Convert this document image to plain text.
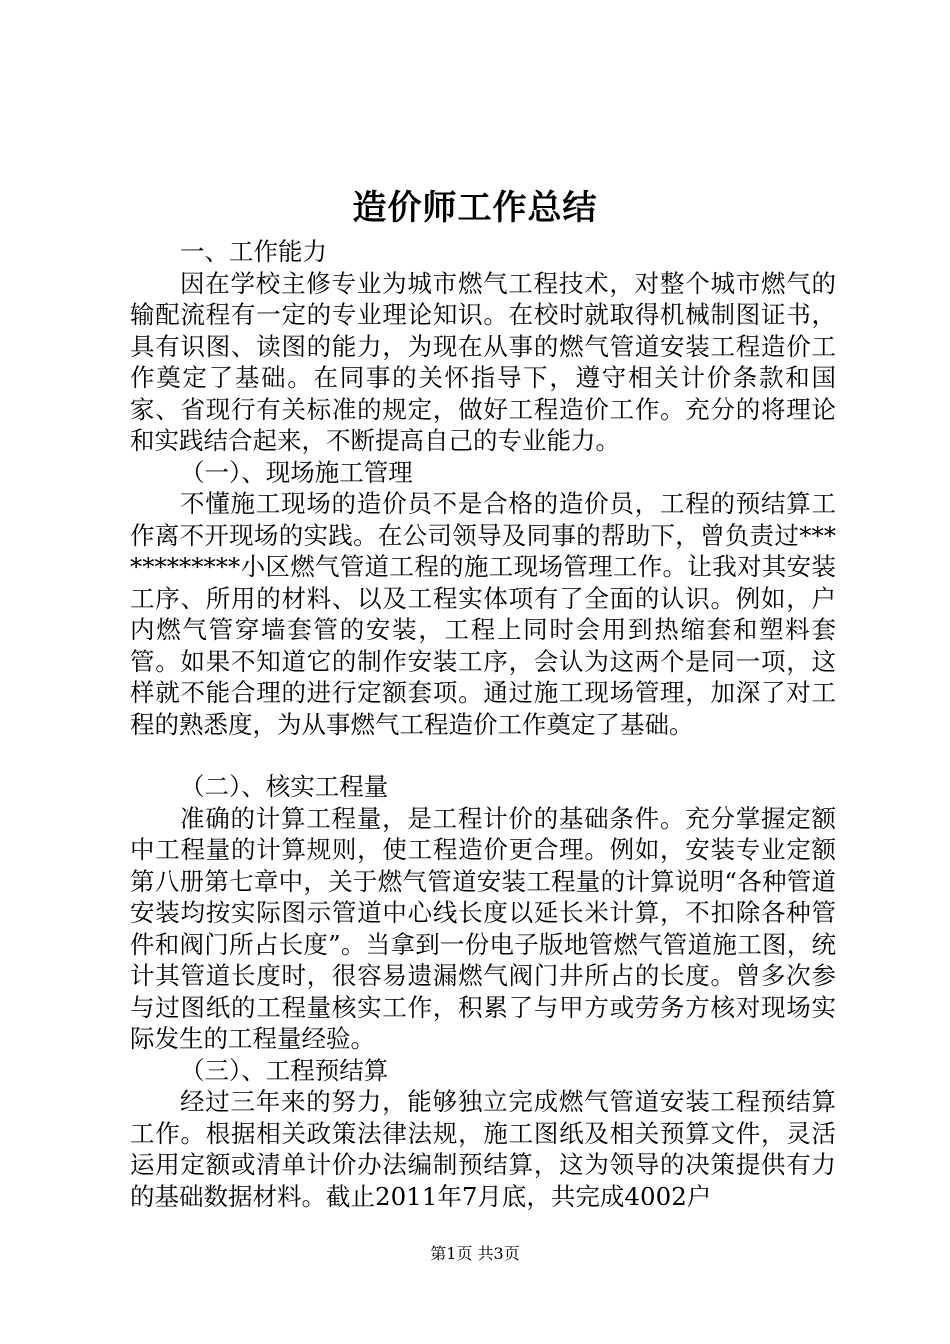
造价师工作总结

一、工作能力

因在学校主修专业为城市燃气工程技术，对整个城市燃气的输配流程有一定的专业理论知识。在校时就取得机械制图证书，具有识图、读图的能力，为现在从事的燃气管道安装工程造价工作奠定了基础。在同事的关怀指导下，遵守相关计价条款和国家、省现行有关标准的规定，做好工程造价工作。充分的将理论和实践结合起来，不断提高自己的专业能力。

（一）、现场施工管理

不懂施工现场的造价员不是合格的造价员，工程的预结算工作离不开现场的实践。在公司领导及同事的帮助下，曾负责过************小区燃气管道工程的施工现场管理工作。让我对其安装工序、所用的材料、以及工程实体项有了全面的认识。例如，户内燃气管穿墙套管的安装，工程上同时会用到热缩套和塑料套管。如果不知道它的制作安装工序，会认为这两个是同一项，这样就不能合理的进行定额套项。通过施工现场管理，加深了对工程的熟悉度，为从事燃气工程造价工作奠定了基础。

（二）、核实工程量

准确的计算工程量，是工程计价的基础条件。充分掌握定额中工程量的计算规则，使工程造价更合理。例如，安装专业定额第八册第七章中，关于燃气管道安装工程量的计算说明“各种管道安装均按实际图示管道中心线长度以延长米计算，不扣除各种管件和阀门所占长度”。当拿到一份电子版地管燃气管道施工图，统计其管道长度时，很容易遗漏燃气阀门井所占的长度。曾多次参与过图纸的工程量核实工作，积累了与甲方或劳务方核对现场实际发生的工程量经验。

（三）、工程预结算

经过三年来的努力，能够独立完成燃气管道安装工程预结算工作。根据相关政策法律法规，施工图纸及相关预算文件，灵活运用定额或清单计价办法编制预结算，这为领导的决策提供有力的基础数据材料。截止2011年7月底，共完成4002户

第1页 共3页
